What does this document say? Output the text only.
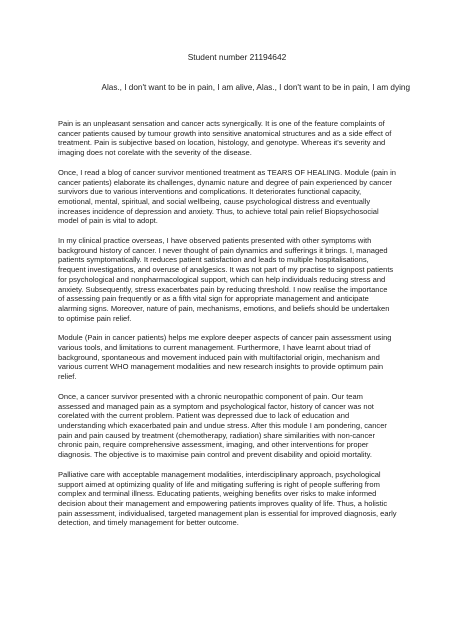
Student number 21194642
Alas., I don't want to be in pain, I am alive, Alas., I don't want to be in pain, I am dying

Pain is an unpleasant sensation and cancer acts synergically. It is one of the feature complaints of
cancer patients caused by tumour growth into sensitive anatomical structures and as a side effect of
treatment. Pain is subjective based on location, histology, and genotype. Whereas it's severity and
imaging does not corelate with the severity of the disease.

Once, I read a blog of cancer survivor mentioned treatment as TEARS OF HEALING. Module (pain in
cancer patients) elaborate its challenges, dynamic nature and degree of pain experienced by cancer
survivors due to various interventions and complications. It deteriorates functional capacity,
emotional, mental, spiritual, and social wellbeing, cause psychological distress and eventually
increases incidence of depression and anxiety. Thus, to achieve total pain relief Biopsychosocial
model of pain is vital to adopt.

In my clinical practice overseas, I have observed patients presented with other symptoms with
background history of cancer. I never thought of pain dynamics and sufferings it brings. I, managed
patients symptomatically. It reduces patient satisfaction and leads to multiple hospitalisations,
frequent investigations, and overuse of analgesics. It was not part of my practise to signpost patients
for psychological and nonpharmacological support, which can help individuals reducing stress and
anxiety. Subsequently, stress exacerbates pain by reducing threshold. I now realise the importance
of assessing pain frequently or as a fifth vital sign for appropriate management and anticipate
alarming signs. Moreover, nature of pain, mechanisms, emotions, and beliefs should be undertaken
to optimise pain relief.

Module (Pain in cancer patients) helps me explore deeper aspects of cancer pain assessment using
various tools, and limitations to current management. Furthermore, I have learnt about triad of
background, spontaneous and movement induced pain with multifactorial origin, mechanism and
various current WHO management modalities and new research insights to provide optimum pain
relief.

Once, a cancer survivor presented with a chronic neuropathic component of pain. Our team
assessed and managed pain as a symptom and psychological factor, history of cancer was not
corelated with the current problem. Patient was depressed due to lack of education and
understanding which exacerbated pain and undue stress. After this module I am pondering, cancer
pain and pain caused by treatment (chemotherapy, radiation) share similarities with non-cancer
chronic pain, require comprehensive assessment, imaging, and other interventions for proper
diagnosis. The objective is to maximise pain control and prevent disability and opioid mortality.

Palliative care with acceptable management modalities, interdisciplinary approach, psychological
support aimed at optimizing quality of life and mitigating suffering is right of people suffering from
complex and terminal illness. Educating patients, weighing benefits over risks to make informed
decision about their management and empowering patients improves quality of life. Thus, a holistic
pain assessment, individualised, targeted management plan is essential for improved diagnosis, early
detection, and timely management for better outcome.
